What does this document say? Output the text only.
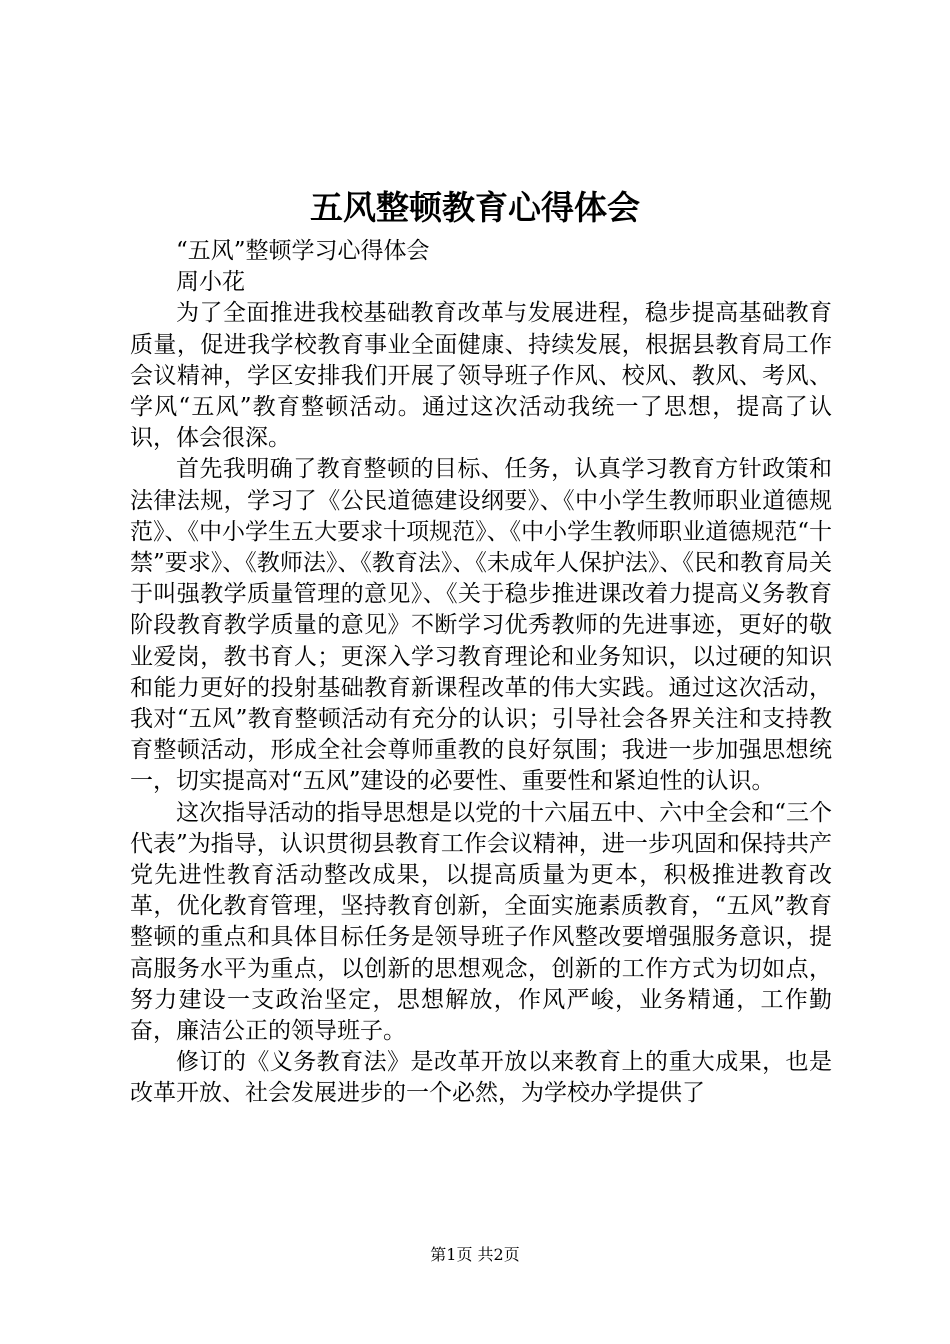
五风整顿教育心得体会

“五风”整顿学习心得体会

周小花

为了全面推进我校基础教育改革与发展进程，稳步提高基础教育质量，促进我学校教育事业全面健康、持续发展，根据县教育局工作会议精神，学区安排我们开展了领导班子作风、校风、教风、考风、学风“五风”教育整顿活动。通过这次活动我统一了思想，提高了认识，体会很深。

首先我明确了教育整顿的目标、任务，认真学习教育方针政策和法律法规，学习了《公民道德建设纲要》、《中小学生教师职业道德规范》、《中小学生五大要求十项规范》、《中小学生教师职业道德规范“十禁”要求》、《教师法》、《教育法》、《未成年人保护法》、《民和教育局关于叫强教学质量管理的意见》、《关于稳步推进课改着力提高义务教育阶段教育教学质量的意见》不断学习优秀教师的先进事迹，更好的敬业爱岗，教书育人；更深入学习教育理论和业务知识，以过硬的知识和能力更好的投射基础教育新课程改革的伟大实践。通过这次活动，我对“五风”教育整顿活动有充分的认识；引导社会各界关注和支持教育整顿活动，形成全社会尊师重教的良好氛围；我进一步加强思想统一，切实提高对“五风”建设的必要性、重要性和紧迫性的认识。

这次指导活动的指导思想是以党的十六届五中、六中全会和“三个代表”为指导，认识贯彻县教育工作会议精神，进一步巩固和保持共产党先进性教育活动整改成果，以提高质量为更本，积极推进教育改革，优化教育管理，坚持教育创新，全面实施素质教育，“五风”教育整顿的重点和具体目标任务是领导班子作风整改要增强服务意识，提高服务水平为重点，以创新的思想观念，创新的工作方式为切如点，努力建设一支政治坚定，思想解放，作风严峻，业务精通，工作勤奋，廉洁公正的领导班子。

修订的《义务教育法》是改革开放以来教育上的重大成果，也是改革开放、社会发展进步的一个必然，为学校办学提供了

第1页 共2页
